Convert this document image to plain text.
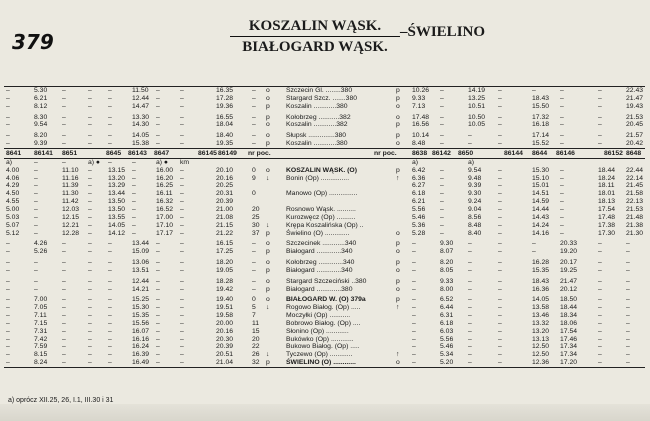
379
KOSZALIN WĄSK.
BIAŁOGARD WĄSK.
–ŚWIELINO
–	5.30 –	– –	11.50 –	–	16.35	– o Szczecin Gl. ........380	p 10.26 –	14.19 –	–	–	–	22.43
–	6.21 –	– –	12.44 –	–	17.28	– o Stargard Szcz. .......380	p 9.33 –	13.25 –	18.43 –	–	21.47
–	8.12 –	– –	14.47 –	–	19.36	– p Koszalin ............380	o 7.13 –	10.51 –	15.50 –	–	19.43
–	8.30 –	– –	13.30 –	–	16.55	– p Kołobrzeg ...........382	o 17.48 –	10.50 –	17.32 –	–	21.53
–	9.54 –	– –	14.30 –	–	18.04	– o Koszalin ............382	p 16.56 –	10.05 –	16.18 –	–	20.45
–	8.20 –	– –	14.05 –	–	18.40	– o Słupsk ..............380	p 10.14 –	–	–	17.14 –	–	21.57
–	9.39 –	– –	15.38 –	–	19.35	– p Koszalin ............380	o 8.48 –	–	–	15.52 –	–	20.42
8641 86141 8651	8645 86143 8647	86145 86149 nr poc.	nr poc. 8638 86142 8650	86144 8644 86146	86152 8648
a)	–	–	a) ● –	–	a) ● km	a)	a)
4.00 –	11.10 – 13.15 –	16.00 –	20.10	0 o KOSZALIN WĄSK. (O)	p 6.42 –	9.54 –	15.30 –	18.44 22.44
4.06 –	11.16 – 13.20 –	16.20 –	20.16	9 ↓ Bonin (Op) ...............	↑ 6.36 –	9.48 –	15.10 –	18.24 22.14
4.29 –	11.39 – 13.29 –	16.25 –	20.25	6.27 –	9.39 –	15.01 –	18.11 21.45
4.50 –	11.30 – 13.44 –	16.11 –	20.31	0	Manowo (Op) ...............	6.18 –	9.30 –	14.51 –	18.01 21.58
4.55 –	11.42 – 13.50 –	16.32 –	20.39	6.21 –	9.24 –	14.59 –	18.13 22.13
5.00 –	12.03 – 13.50 –	16.52 –	21.00	20	Rosnowo Wąsk. ..........	5.56 –	9.04 –	14.44 –	17.54 21.53
5.03 –	12.15 – 13.55 –	17.00 –	21.08	25	Kurozwęcz (Op) ..........	5.46 –	8.56 –	14.43 –	17.48 21.48
5.07 –	12.21 – 14.05 –	17.10 –	21.15	30 ↓ Krępa Koszalińska (Op) ..	5.36 –	8.48 –	14.24 –	17.38 21.38
5.12 –	12.28 – 14.12 –	17.17 –	21.22	37 p Świelino (O) .............	o 5.28 –	8.40 –	14.16 –	17.30 21.30
–	4.26 –	– –	13.44 –	–	16.15	– o Szczecinek ............340	p –	9.30 –	–	–	20.33	–	–
–	5.26 –	– –	15.09 –	–	17.25	– p Białogard .............340	o –	8.07 –	–	–	19.20	–	–
–	–	–	– –	13.06 –	–	18.20	– o Kołobrzeg .............340	p –	8.20 –	–	16.28 20.17	–	–
–	–	–	– –	13.51 –	–	19.05	– p Białogard .............340	o –	8.05 –	–	15.35 19.25	–	–
–	–	–	– –	12.44 –	–	18.28	– o Stargard Szczeciński ..380	p –	9.33 –	–	18.43 21.47	–	–
–	–	–	– –	14.21 –	–	19.42	– p Białogard .............380	o –	8.00 –	–	16.36 20.12	–	–
–	7.00 –	– –	15.25 –	–	19.40	0 o BIAŁOGARD W. (O) 379a	p –	6.52 –	–	14.05 18.50	–	–
–	7.05 –	– –	15.30 –	–	19.51	5 ↓ Rogowo Białog. (Op) .....	↑ –	6.44 –	–	13.58 18.44	–	–
–	7.11 –	– –	15.35 –	–	19.58	7	Moczyłki (Op) ...........	–	6.31 –	–	13.46 18.34	–	–
–	7.15 –	– –	15.56 –	–	20.00	11	Bobrowo Białog. (Op) ....	–	6.18 –	–	13.32 18.06	–	–
–	7.31 –	– –	16.07 –	–	20.16	15	Słonino (Op) ............	–	6.03 –	–	13.20 17.54	–	–
–	7.42 –	– –	16.16 –	–	20.30	20	Bukówko (Op) ............	–	5.56 –	–	13.13 17.46	–	–
–	7.59 –	– –	16.24 –	–	20.39	22	Bukowo Białog. (Op) .....	–	5.46 –	–	12.50 17.34	–	–
–	8.15 –	– –	16.39 –	–	20.51	26 ↓ Tyczewo (Op) ............	↑ –	5.34 –	–	12.50 17.34	–	–
–	8.24 –	– –	16.49 –	–	21.04	32 p ŚWIELINO (O) ............	o –	5.20 –	–	12.36 17.20	–	–
a) oprócz XII.25, 26, I.1, III.30 i 31
